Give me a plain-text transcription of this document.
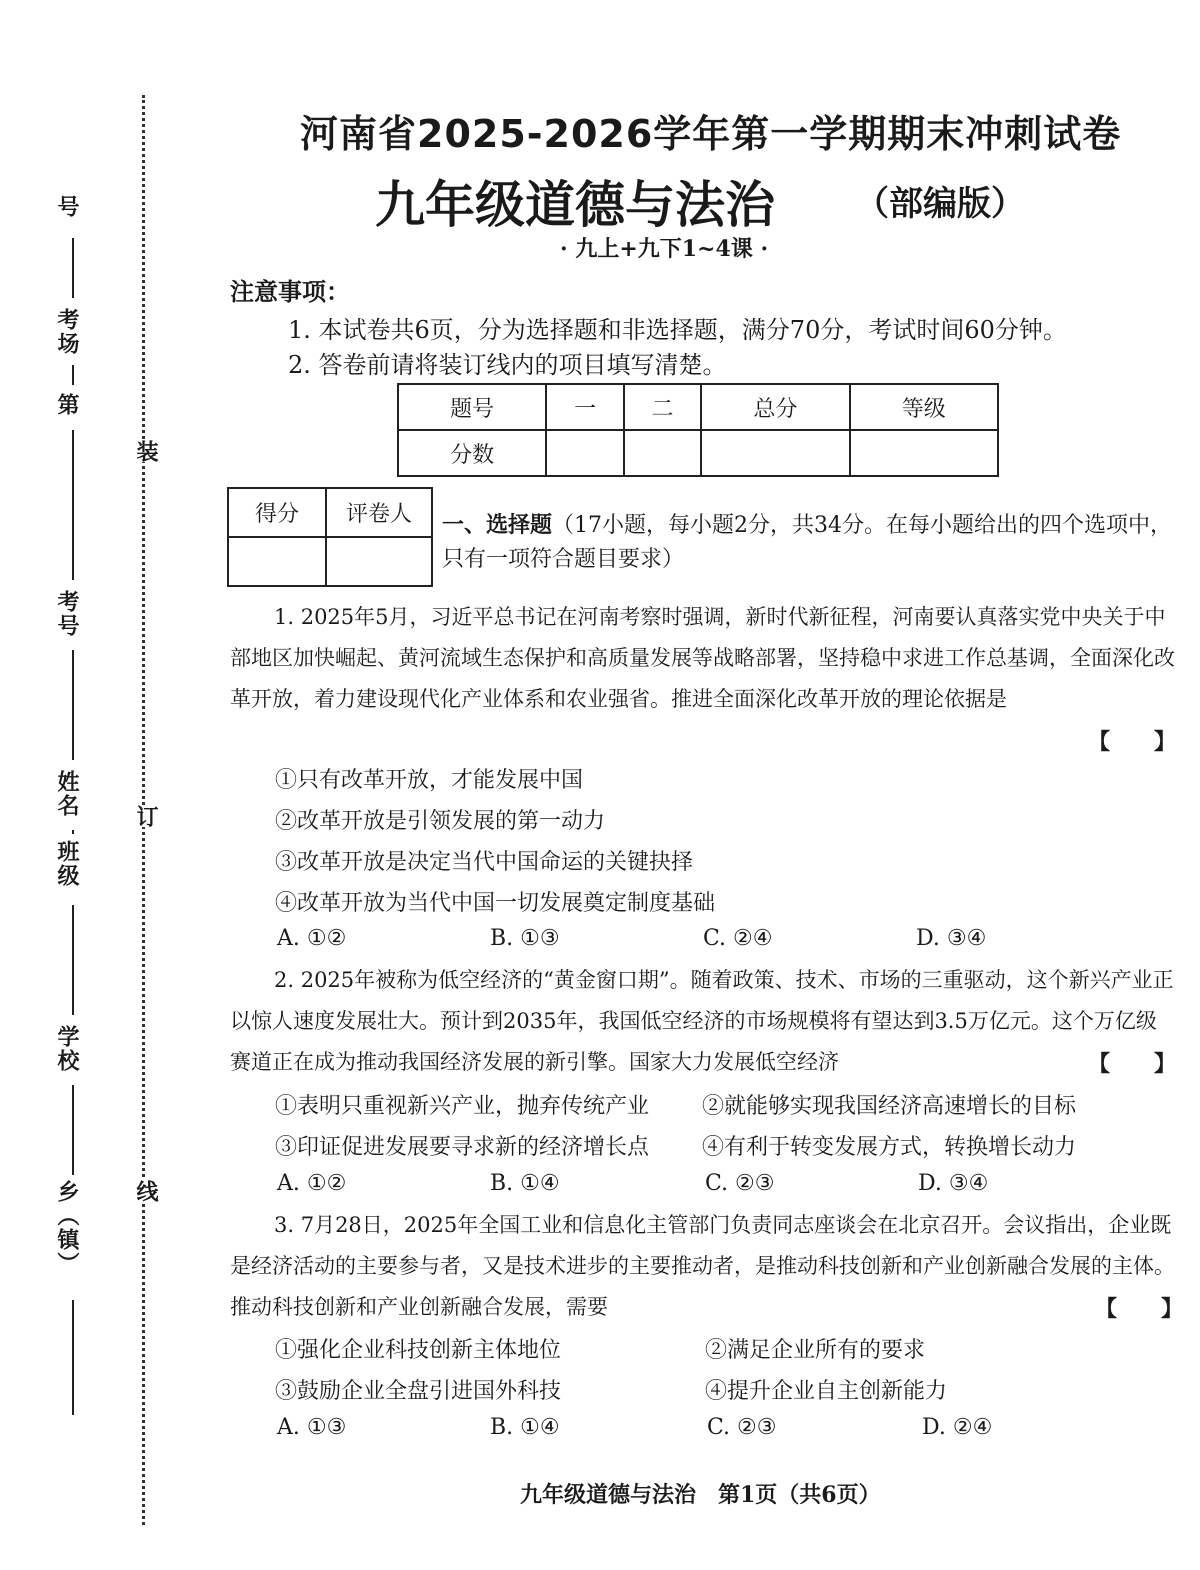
号
考场
第
考号
姓名
班级
学校
乡（镇）
装
订
线
河南省2025-2026学年第一学期期末冲刺试卷
九年级道德与法治 （部编版）
· 九上+九下1~4课 ·
注意事项：
1. 本试卷共6页，分为选择题和非选择题，满分70分，考试时间60分钟。
2. 答卷前请将装订线内的项目填写清楚。
题号	一	二	总分	等级
分数				
得分	评卷人
	一、选择题（17小题，每小题2分，共34分。在每小题给出的四个选项中，只有一项符合题目要求）

1. 2025年5月，习近平总书记在河南考察时强调，新时代新征程，河南要认真落实党中央关于中部地区加快崛起、黄河流域生态保护和高质量发展等战略部署，坚持稳中求进工作总基调，全面深化改革开放，着力建设现代化产业体系和农业强省。推进全面深化改革开放的理论依据是

【　　】
①只有改革开放，才能发展中国
②改革开放是引领发展的第一动力
③改革开放是决定当代中国命运的关键抉择
④改革开放为当代中国一切发展奠定制度基础
A. ①②	B. ①③	C. ②④	D. ③④

2. 2025年被称为低空经济的“黄金窗口期”。随着政策、技术、市场的三重驱动，这个新兴产业正以惊人速度发展壮大。预计到2035年，我国低空经济的市场规模将有望达到3.5万亿元。这个万亿级赛道正在成为推动我国经济发展的新引擎。国家大力发展低空经济	【　　】
①表明只重视新兴产业，抛弃传统产业 ②就能够实现我国经济高速增长的目标
③印证促进发展要寻求新的经济增长点 ④有利于转变发展方式，转换增长动力
A. ①②	B. ①④	C. ②③	D. ③④

3. 7月28日，2025年全国工业和信息化主管部门负责同志座谈会在北京召开。会议指出，企业既是经济活动的主要参与者，又是技术进步的主要推动者，是推动科技创新和产业创新融合发展的主体。推动科技创新和产业创新融合发展，需要	【　　】
①强化企业科技创新主体地位	②满足企业所有的要求
③鼓励企业全盘引进国外科技	④提升企业自主创新能力
A. ①③	B. ①④	C. ②③	D. ②④
九年级道德与法治　第1页（共6页）
